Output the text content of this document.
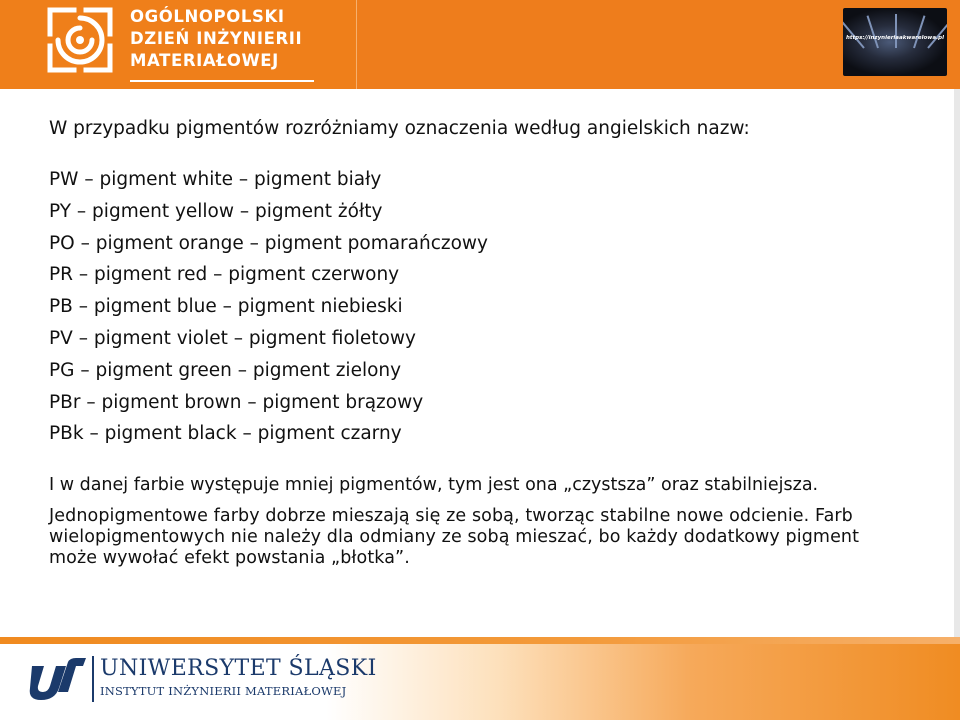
OGÓLNOPOLSKI
DZIEŃ INŻYNIERII
MATERIAŁOWEJ
https://inzynieriaakwarelowa.pl
W przypadku pigmentów rozróżniamy oznaczenia według angielskich nazw:
PW – pigment white – pigment biały
PY – pigment yellow – pigment żółty
PO – pigment orange – pigment pomarańczowy
PR – pigment red – pigment czerwony
PB – pigment blue – pigment niebieski
PV – pigment violet – pigment fioletowy
PG – pigment green – pigment zielony
PBr – pigment brown – pigment brązowy
PBk – pigment black – pigment czarny
I w danej farbie występuje mniej pigmentów, tym jest ona „czystsza” oraz stabilniejsza.
Jednopigmentowe farby dobrze mieszają się ze sobą, tworząc stabilne nowe odcienie. Farb wielopigmentowych nie należy dla odmiany ze sobą mieszać, bo każdy dodatkowy pigment może wywołać efekt powstania „błotka”.
UNIWERSYTET ŚLĄSKI
INSTYTUT INŻYNIERII MATERIAŁOWEJ
